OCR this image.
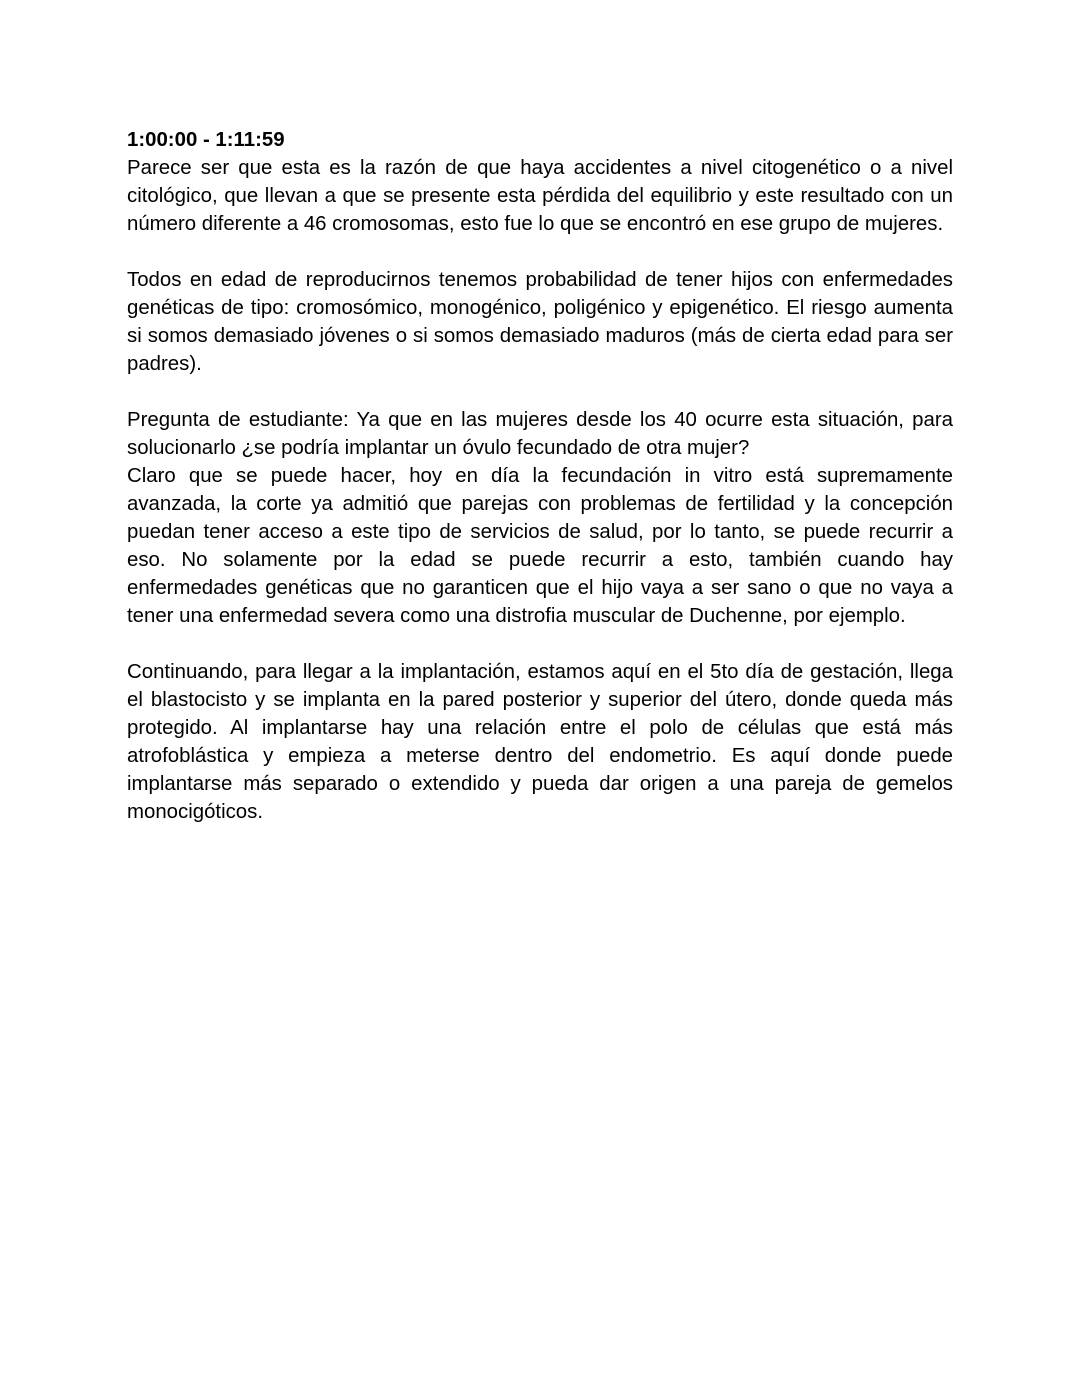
1:00:00 - 1:11:59

Parece ser que esta es la razón de que haya accidentes a nivel citogenético o a nivel citológico, que llevan a que se presente esta pérdida del equilibrio y este resultado con un número diferente a 46 cromosomas, esto fue lo que se encontró en ese grupo de mujeres.

Todos en edad de reproducirnos tenemos probabilidad de tener hijos con enfermedades genéticas de tipo: cromosómico, monogénico, poligénico y epigenético. El riesgo aumenta si somos demasiado jóvenes o si somos demasiado maduros (más de cierta edad para ser padres).

Pregunta de estudiante: Ya que en las mujeres desde los 40 ocurre esta situación, para solucionarlo ¿se podría implantar un óvulo fecundado de otra mujer?

Claro que se puede hacer, hoy en día la fecundación in vitro está supremamente avanzada, la corte ya admitió que parejas con problemas de fertilidad y la concepción puedan tener acceso a este tipo de servicios de salud, por lo tanto, se puede recurrir a eso. No solamente por la edad se puede recurrir a esto, también cuando hay enfermedades genéticas que no garanticen que el hijo vaya a ser sano o que no vaya a tener una enfermedad severa como una distrofia muscular de Duchenne, por ejemplo.

Continuando, para llegar a la implantación, estamos aquí en el 5to día de gestación, llega el blastocisto y se implanta en la pared posterior y superior del útero, donde queda más protegido. Al implantarse hay una relación entre el polo de células que está más atrofoblástica y empieza a meterse dentro del endometrio. Es aquí donde puede implantarse más separado o extendido y pueda dar origen a una pareja de gemelos monocigóticos.
